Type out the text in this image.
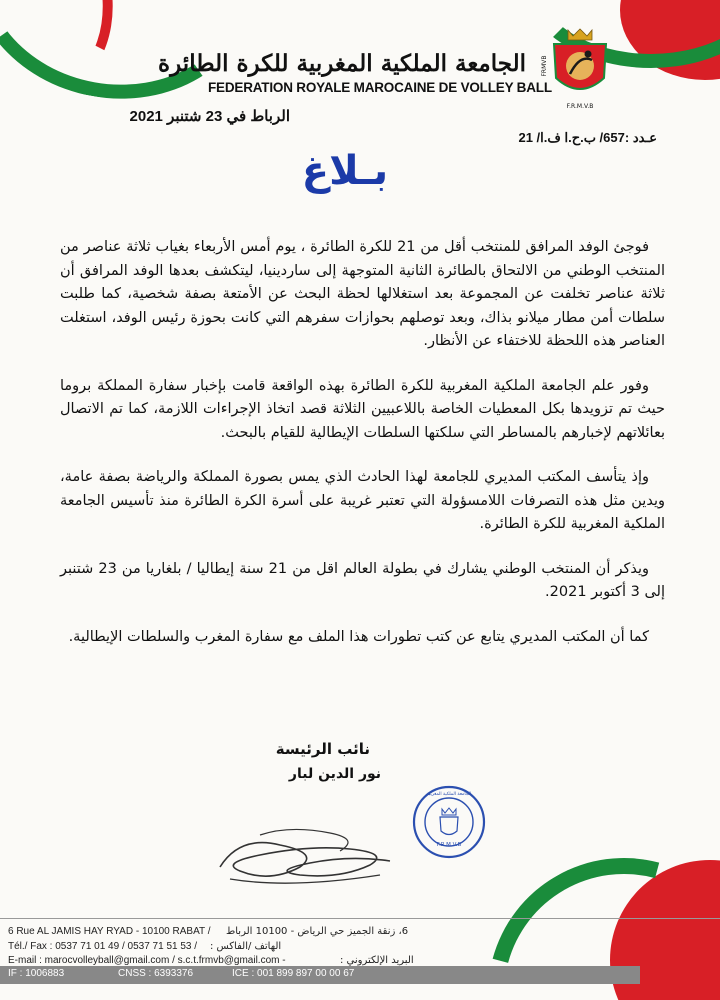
الجامعة الملكية المغربية للكرة الطائرة
FEDERATION ROYALE MAROCAINE DE VOLLEY BALL
FRMVB
F.R.M.V.B
الرباط في 23 شتنبر 2021
عـدد :657/ ب.ح.ا ف.ا/ 21
بـلاغ

فوجئ الوفد المرافق للمنتخب أقل من 21 للكرة الطائرة ، يوم أمس الأربعاء بغياب ثلاثة عناصر من المنتخب الوطني من الالتحاق بالطائرة الثانية المتوجهة إلى ساردينيا، ليتكشف بعدها الوفد المرافق أن ثلاثة عناصر تخلفت عن المجموعة بعد استغلالها لحظة البحث عن الأمتعة بصفة شخصية، كما طلبت سلطات أمن مطار ميلانو بذاك، وبعد توصلهم بحوازات سفرهم التي كانت بحوزة رئيس الوفد، استغلت العناصر هذه اللحظة للاختفاء عن الأنظار.

وفور علم الجامعة الملكية المغربية للكرة الطائرة بهذه الواقعة قامت بإخبار سفارة المملكة بروما حيث تم تزويدها بكل المعطيات الخاصة باللاعبيين الثلاثة قصد اتخاذ الإجراءات اللازمة، كما تم الاتصال بعائلاتهم لإخبارهم بالمساطر التي سلكتها السلطات الإيطالية للقيام بالبحث.

وإذ يتأسف المكتب المديري للجامعة لهذا الحادث الذي يمس بصورة المملكة والرياضة بصفة عامة، ويدين مثل هذه التصرفات اللامسؤولة التي تعتبر غريبة على أسرة الكرة الطائرة منذ تأسيس الجامعة الملكية المغربية للكرة الطائرة.

ويذكر أن المنتخب الوطني يشارك في بطولة العالم اقل من 21 سنة إيطاليا / بلغاريا من 23 شتنبر إلى 3 أكتوبر 2021.

كما أن المكتب المديري يتابع عن كتب تطورات هذا الملف مع سفارة المغرب والسلطات الإيطالية.

نائب الرئيسة
نور الدين لبار
F.R.M.V.B
الجامعة الملكية المغربية
6 Rue AL JAMIS HAY RYAD - 10100 RABAT / 6، زنقة الجميز حي الرياض - 10100 الرباط
Tél./ Fax : 0537 71 01 49 / 0537 71 51 53 / الهاتف /الفاكس :
E-mail : marocvolleyball@gmail.com / s.c.t.frmvb@gmail.com -	البريد الإلكتروني :
IF : 1006883	CNSS : 6393376	ICE : 001 899 897 00 00 67
